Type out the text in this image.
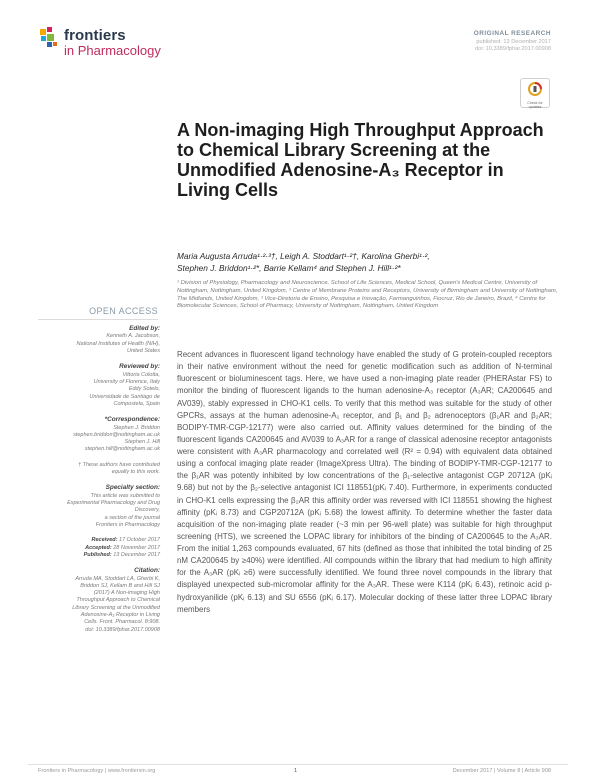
frontiers
in Pharmacology
ORIGINAL RESEARCH
published: 13 December 2017
doi: 10.3389/fphar.2017.00908
Check for
updates
A Non-imaging High Throughput Approach to Chemical Library Screening at the Unmodified Adenosine-A₃ Receptor in Living Cells
Maria Augusta Arruda¹·²·³†, Leigh A. Stoddart¹·²†, Karolina Gherbi¹·²,
Stephen J. Briddon¹·²*, Barrie Kellam⁴ and Stephen J. Hill¹·²*
¹ Division of Physiology, Pharmacology and Neuroscience, School of Life Sciences, Medical School, Queen's Medical Centre, University of Nottingham, Nottingham, United Kingdom, ² Centre of Membrane Proteins and Receptors, University of Birmingham and University of Nottingham, The Midlands, United Kingdom, ³ Vice-Diretoria de Ensino, Pesquisa e Inovação, Farmanguinhos, Fiocruz, Rio de Janeiro, Brazil, ⁴ Centre for Biomolecular Sciences, School of Pharmacy, University of Nottingham, Nottingham, United Kingdom
OPEN ACCESS
Edited by:
Kenneth A. Jacobson,
National Institutes of Health (NIH),
United States
Reviewed by:
Vittoria Colotta,
University of Florence, Italy
Eddy Sotelo,
Universidade de Santiago de
Compostela, Spain
*Correspondence:
Stephen J. Briddon
stephen.briddon@nottingham.ac.uk
Stephen J. Hill
stephen.hill@nottingham.ac.uk
† These authors have contributed
equally to this work.
Specialty section:
This article was submitted to
Experimental Pharmacology and Drug
Discovery,
a section of the journal
Frontiers in Pharmacology
Received: 17 October 2017
Accepted: 28 November 2017
Published: 13 December 2017
Citation:
Arruda MA, Stoddart LA, Gherbi K,
Briddon SJ, Kellam B and Hill SJ
(2017) A Non-imaging High
Throughput Approach to Chemical
Library Screening at the Unmodified
Adenosine-A₃ Receptor in Living
Cells. Front. Pharmacol. 8:908.
doi: 10.3389/fphar.2017.00908
Recent advances in fluorescent ligand technology have enabled the study of G protein-coupled receptors in their native environment without the need for genetic modification such as addition of N-terminal fluorescent or bioluminescent tags. Here, we have used a non-imaging plate reader (PHERAstar FS) to monitor the binding of fluorescent ligands to the human adenosine-A₃ receptor (A₃AR; CA200645 and AV039), stably expressed in CHO-K1 cells. To verify that this method was suitable for the study of other GPCRs, assays at the human adenosine-A₁ receptor, and β₁ and β₂ adrenoceptors (β₁AR and β₂AR; BODIPY-TMR-CGP-12177) were also carried out. Affinity values determined for the binding of the fluorescent ligands CA200645 and AV039 to A₃AR for a range of classical adenosine receptor antagonists were consistent with A₃AR pharmacology and correlated well (R² = 0.94) with equivalent data obtained using a confocal imaging plate reader (ImageXpress Ultra). The binding of BODIPY-TMR-CGP-12177 to the β₁AR was potently inhibited by low concentrations of the β₁-selective antagonist CGP 20712A (pKᵢ 9.68) but not by the β₂-selective antagonist ICI 118551(pKᵢ 7.40). Furthermore, in experiments conducted in CHO-K1 cells expressing the β₂AR this affinity order was reversed with ICI 118551 showing the highest affinity (pKᵢ 8.73) and CGP20712A (pKᵢ 5.68) the lowest affinity. To determine whether the faster data acquisition of the non-imaging plate reader (~3 min per 96-well plate) was suitable for high throughput screening (HTS), we screened the LOPAC library for inhibitors of the binding of CA200645 to the A₃AR. From the initial 1,263 compounds evaluated, 67 hits (defined as those that inhibited the total binding of 25 nM CA200645 by ≥40%) were identified. All compounds within the library that had medium to high affinity for the A₃AR (pKᵢ ≥6) were successfully identified. We found three novel compounds in the library that displayed unexpected sub-micromolar affinity for the A₃AR. These were K114 (pKᵢ 6.43), retinoic acid p-hydroxyanilide (pKᵢ 6.13) and SU 6556 (pKᵢ 6.17). Molecular docking of these latter three LOPAC library members
Frontiers in Pharmacology | www.frontiersin.org	1	December 2017 | Volume 8 | Article 908
